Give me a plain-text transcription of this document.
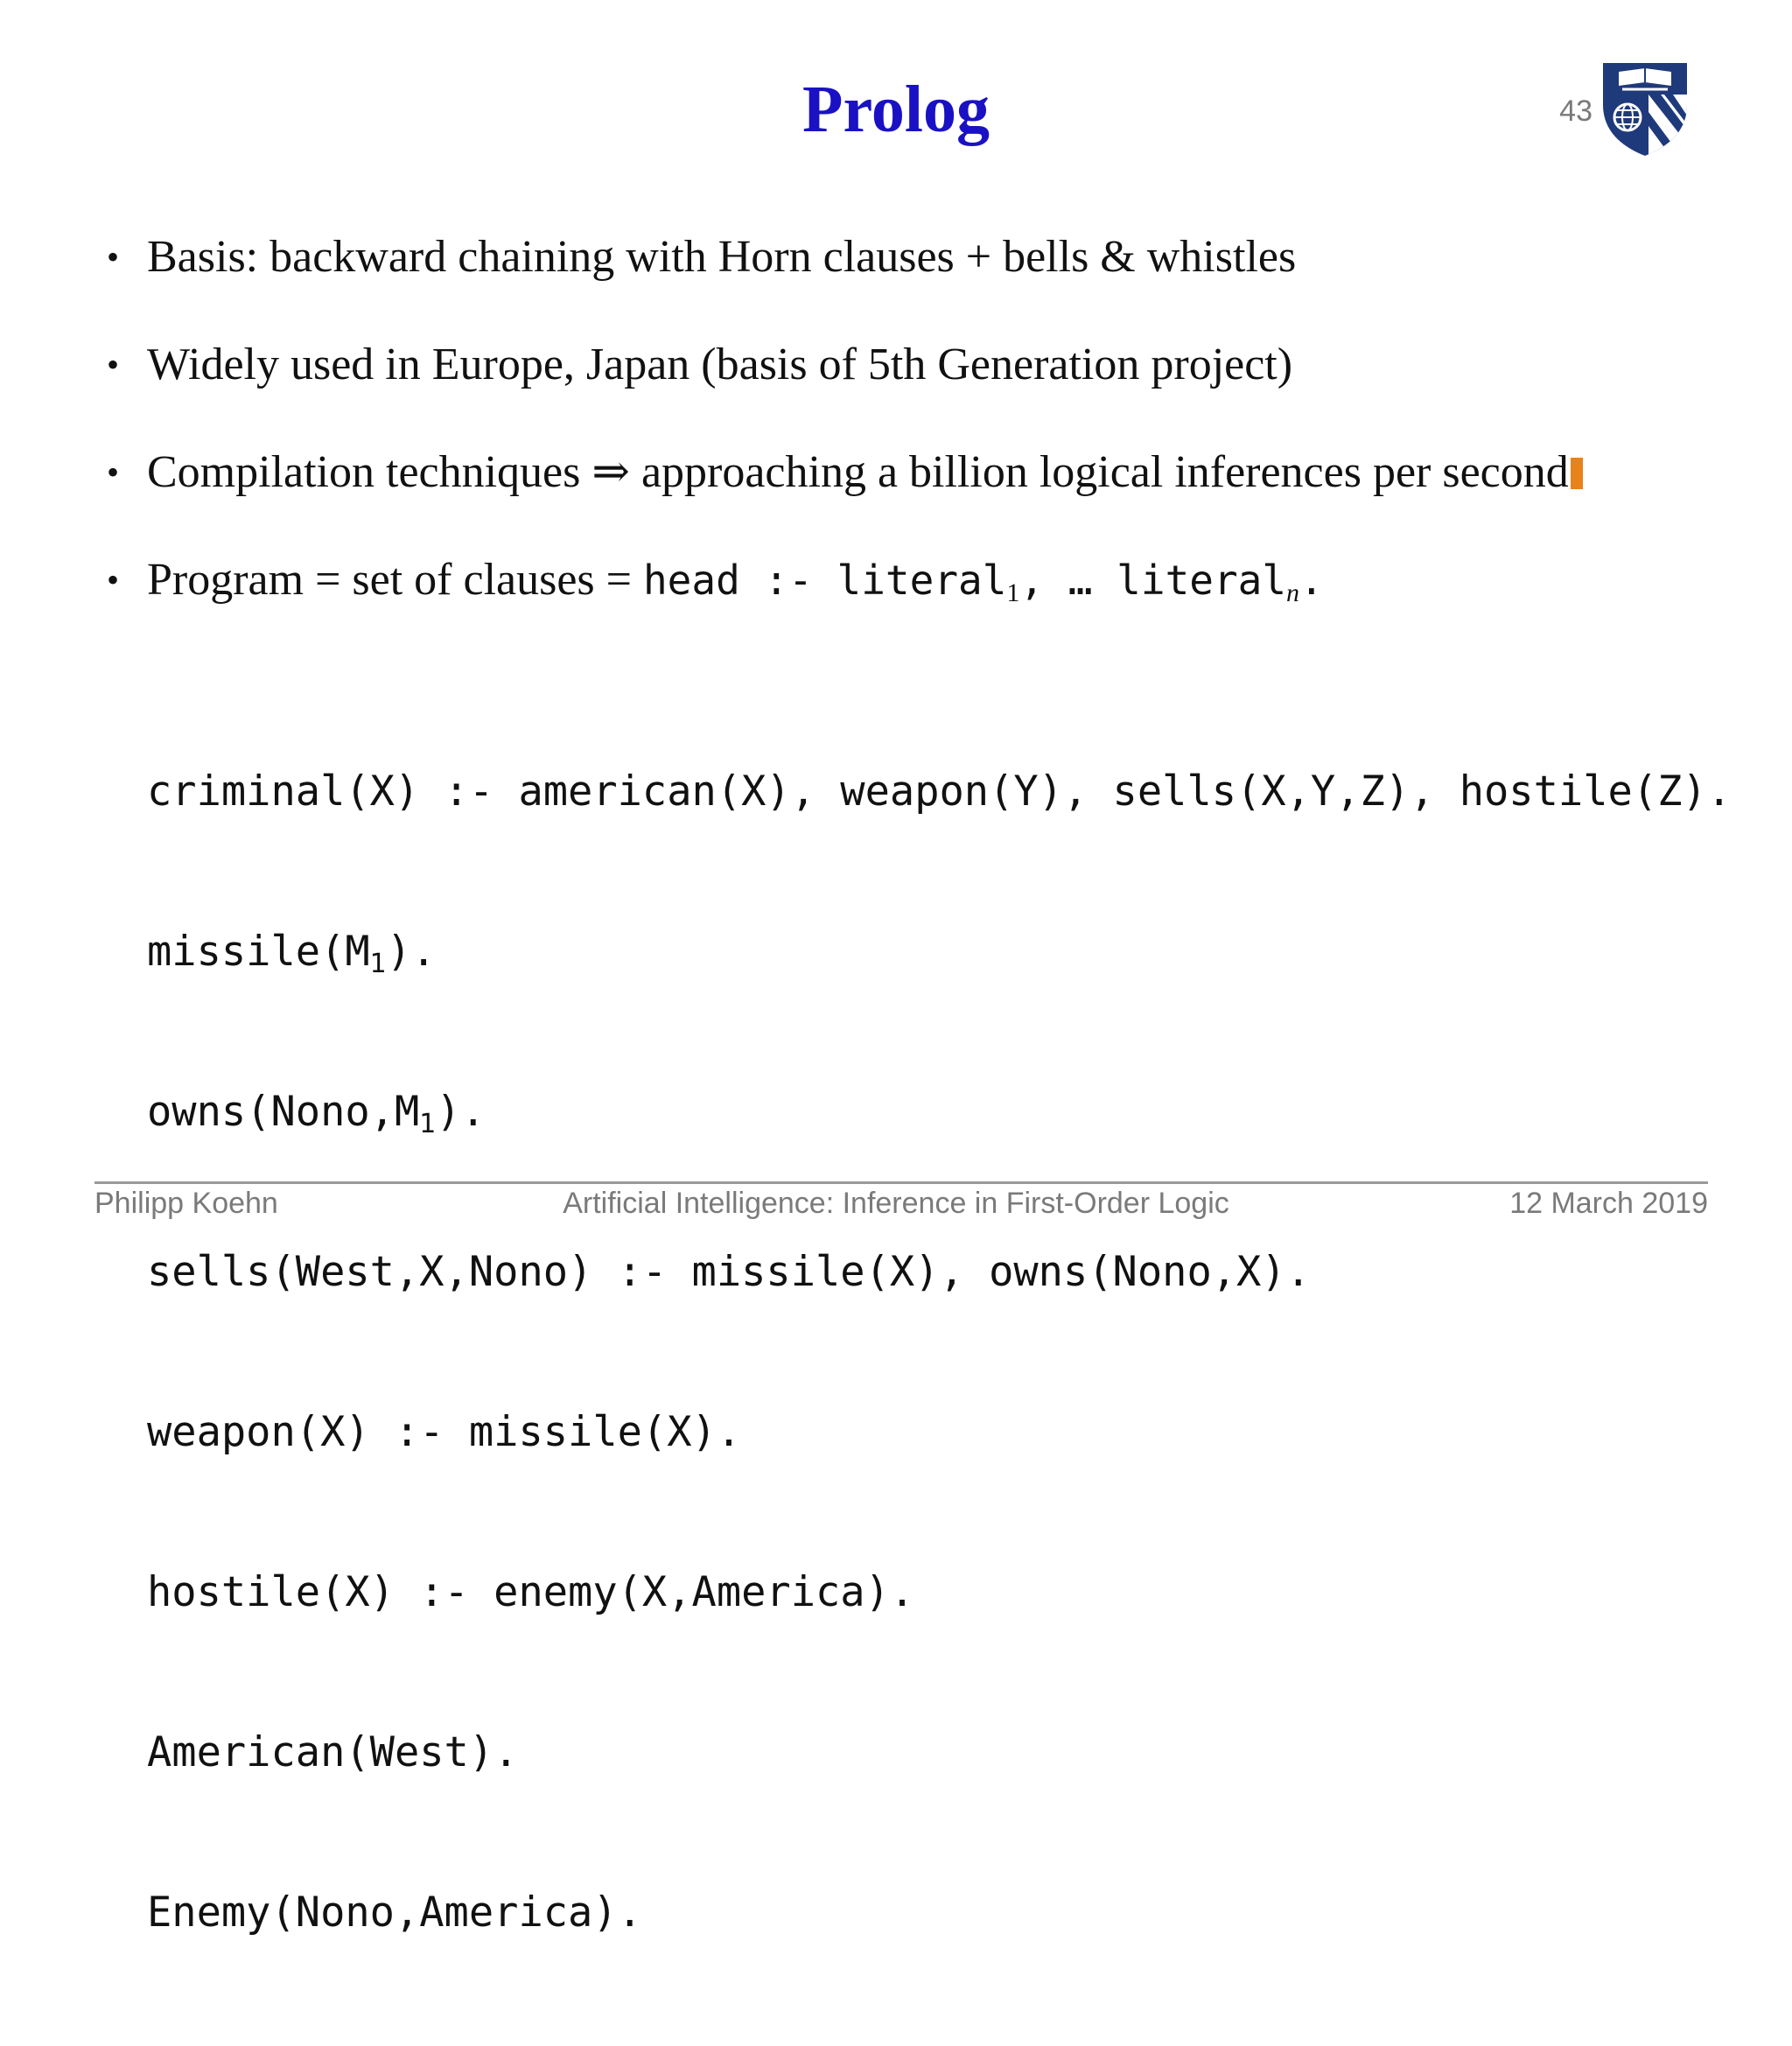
Prolog	43
• Basis: backward chaining with Horn clauses + bells & whistles
• Widely used in Europe, Japan (basis of 5th Generation project)
• Compilation techniques ⇒ approaching a billion logical inferences per second
• Program = set of clauses = head :- literal$_1$, … literal$_n$.

criminal(X) :- american(X), weapon(Y), sells(X,Y,Z), hostile(Z).

missile(M1).

owns(Nono,M1).

sells(West,X,Nono) :- missile(X), owns(Nono,X).

weapon(X) :- missile(X).

hostile(X) :- enemy(X,America).

American(West).

Enemy(Nono,America).

Philipp Koehn	Artificial Intelligence: Inference in First-Order Logic	12 March 2019
